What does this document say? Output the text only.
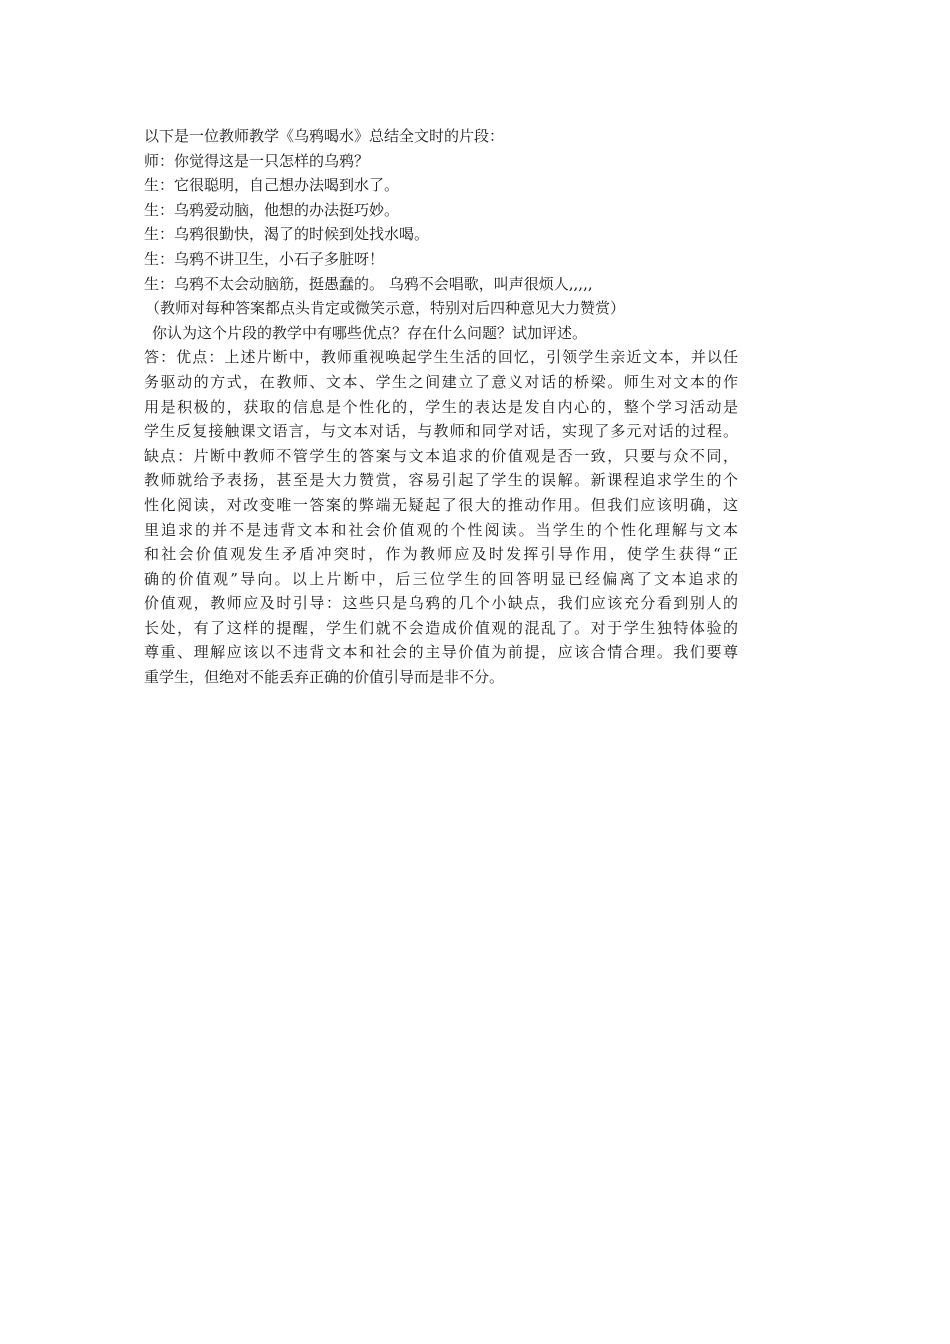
以下是一位教师教学《乌鸦喝水》总结全文时的片段：
师：你觉得这是一只怎样的乌鸦？
生：它很聪明，自己想办法喝到水了。
生：乌鸦爱动脑，他想的办法挺巧妙。
生：乌鸦很勤快，渴了的时候到处找水喝。
生：乌鸦不讲卫生，小石子多脏呀！
生：乌鸦不太会动脑筋，挺愚蠢的。 乌鸦不会唱歌，叫声很烦人,,,,,
（教师对每种答案都点头肯定或微笑示意，特别对后四种意见大力赞赏）
你认为这个片段的教学中有哪些优点？存在什么问题？试加评述。
答：优点：上述片断中，教师重视唤起学生生活的回忆，引领学生亲近文本，并以任
务驱动的方式，在教师、文本、学生之间建立了意义对话的桥梁。师生对文本的作
用是积极的，获取的信息是个性化的，学生的表达是发自内心的，整个学习活动是
学生反复接触课文语言，与文本对话，与教师和同学对话，实现了多元对话的过程。
缺点：片断中教师不管学生的答案与文本追求的价值观是否一致，只要与众不同，
教师就给予表扬，甚至是大力赞赏，容易引起了学生的误解。新课程追求学生的个
性化阅读，对改变唯一答案的弊端无疑起了很大的推动作用。但我们应该明确，这
里追求的并不是违背文本和社会价值观的个性阅读。当学生的个性化理解与文本
和社会价值观发生矛盾冲突时，作为教师应及时发挥引导作用，使学生获得“正
确的价值观”导向。以上片断中，后三位学生的回答明显已经偏离了文本追求的
价值观，教师应及时引导：这些只是乌鸦的几个小缺点，我们应该充分看到别人的
长处，有了这样的提醒，学生们就不会造成价值观的混乱了。对于学生独特体验的
尊重、理解应该以不违背文本和社会的主导价值为前提，应该合情合理。我们要尊
重学生，但绝对不能丢弃正确的价值引导而是非不分。
